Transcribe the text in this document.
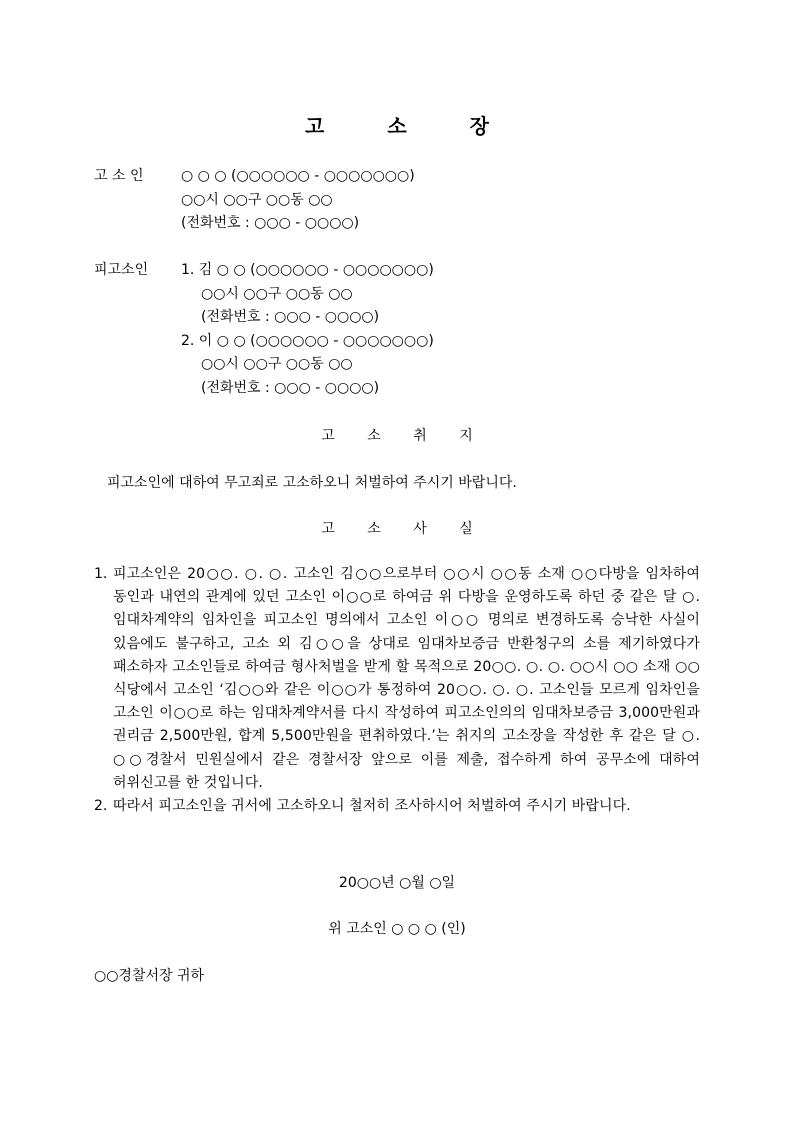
고 소 장
고 소 인	○ ○ ○ (○○○○○○ - ○○○○○○○)
○○시 ○○구 ○○동 ○○
(전화번호 : ○○○ - ○○○○)
피고소인 1. 김 ○ ○ (○○○○○○ - ○○○○○○○)
○○시 ○○구 ○○동 ○○
(전화번호 : ○○○ - ○○○○)
2. 이 ○ ○ (○○○○○○ - ○○○○○○○)
○○시 ○○구 ○○동 ○○
(전화번호 : ○○○ - ○○○○)
고 소 취 지
피고소인에 대하여 무고죄로 고소하오니 처벌하여 주시기 바랍니다.
고 소 사 실
1. 피고소인은 20○○. ○. ○. 고소인 김○○으로부터 ○○시 ○○동 소재 ○○다방을 임차하여 동인과 내연의 관계에 있던 고소인 이○○로 하여금 위 다방을 운영하도록 하던 중 같은 달 ○. 임대차계약의 임차인을 피고소인 명의에서 고소인 이○○ 명의로 변경하도록 승낙한 사실이 있음에도 불구하고, 고소 외 김○○을 상대로 임대차보증금 반환청구의 소를 제기하였다가 패소하자 고소인들로 하여금 형사처벌을 받게 할 목적으로 20○○. ○. ○. ○○시 ○○ 소재 ○○식당에서 고소인 ‘김○○와 같은 이○○가 통정하여 20○○. ○. ○. 고소인들 모르게 임차인을 고소인 이○○로 하는 임대차계약서를 다시 작성하여 피고소인의의 임대차보증금 3,000만원과 권리금 2,500만원, 합계 5,500만원을 편취하였다.’는 취지의 고소장을 작성한 후 같은 달 ○. ○○경찰서 민원실에서 같은 경찰서장 앞으로 이를 제출, 접수하게 하여 공무소에 대하여 허위신고를 한 것입니다.
2. 따라서 피고소인을 귀서에 고소하오니 철저히 조사하시어 처벌하여 주시기 바랍니다.
20○○년 ○월 ○일
위 고소인 ○ ○ ○ (인)
○○경찰서장 귀하
